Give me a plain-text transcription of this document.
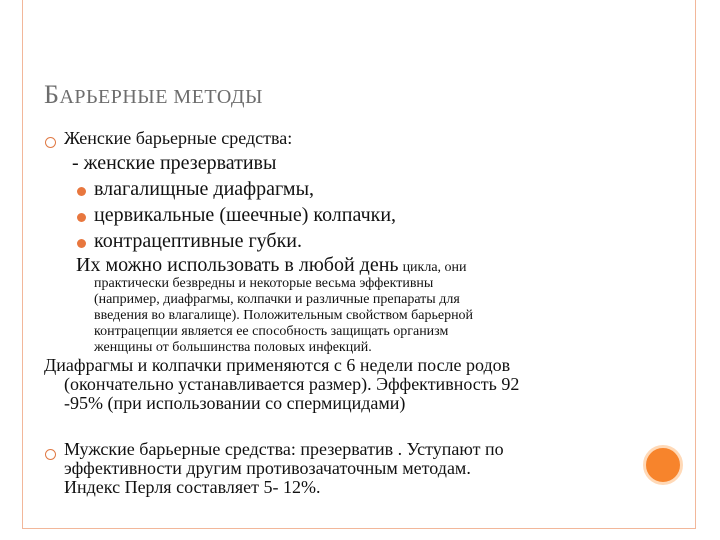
БАРЬЕРНЫЕ МЕТОДЫ
Женские барьерные средства:
- женские презервативы
влагалищные диафрагмы,
цервикальные (шеечные) колпачки,
контрацептивные губки.
Их можно использовать в любой день цикла, они
практически безвредны и некоторые весьма эффективны
(например, диафрагмы, колпачки и различные препараты для
введения во влагалище). Положительным свойством барьерной
контрацепции является ее способность защищать организм
женщины от большинства половых инфекций.
Диафрагмы и колпачки применяются с 6 недели после родов
(окончательно устанавливается размер). Эффективность 92
-95% (при использовании со спермицидами)
Мужские барьерные средства: презерватив . Уступают по
эффективности другим противозачаточным методам.
Индекс Перля составляет 5- 12%.
